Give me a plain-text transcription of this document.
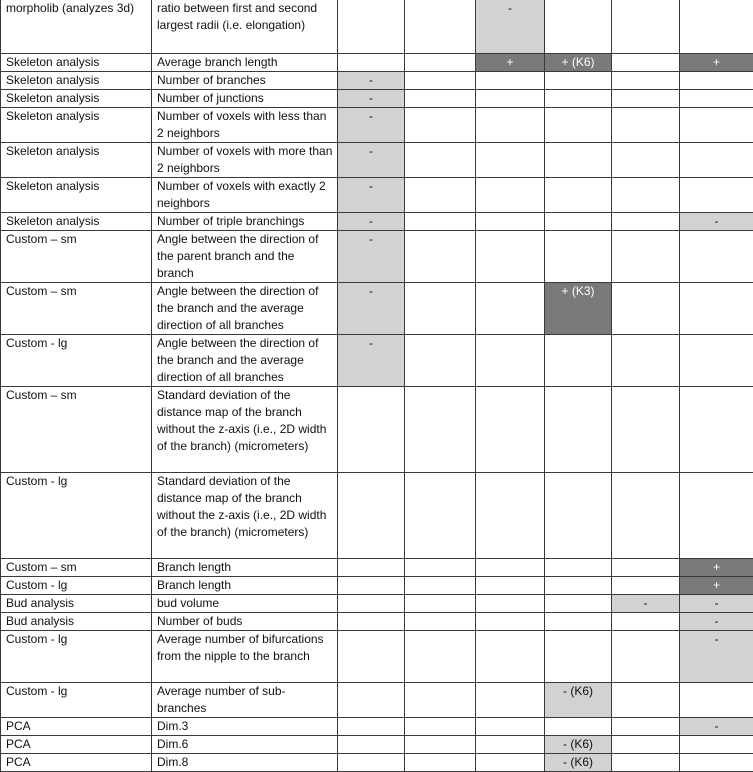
morpholib (analyzes 3d)	ratio between first and second largest radii (i.e. elongation)			-				
Skeleton analysis	Average branch length			+	+ (K6)		+	
Skeleton analysis	Number of branches	-						
Skeleton analysis	Number of junctions	-						
Skeleton analysis	Number of voxels with less than 2 neighbors	-						
Skeleton analysis	Number of voxels with more than 2 neighbors	-						
Skeleton analysis	Number of voxels with exactly 2 neighbors	-						
Skeleton analysis	Number of triple branchings	-					-	
Custom – sm	Angle between the direction of the parent branch and the branch	-						
Custom – sm	Angle between the direction of the branch and the average direction of all branches	-			+ (K3)			
Custom - lg	Angle between the direction of the branch and the average direction of all branches	-						
Custom – sm	Standard deviation of the distance map of the branch without the z-axis (i.e., 2D width of the branch) (micrometers)							
Custom - lg	Standard deviation of the distance map of the branch without the z-axis (i.e., 2D width of the branch) (micrometers)							
Custom – sm	Branch length						+	
Custom - lg	Branch length						+	
Bud analysis	bud volume					-	-	
Bud analysis	Number of buds						-	
Custom - lg	Average number of bifurcations from the nipple to the branch						-	
Custom - lg	Average number of sub-branches				- (K6)			
PCA	Dim.3						-	
PCA	Dim.6				- (K6)			
PCA	Dim.8				- (K6)			
